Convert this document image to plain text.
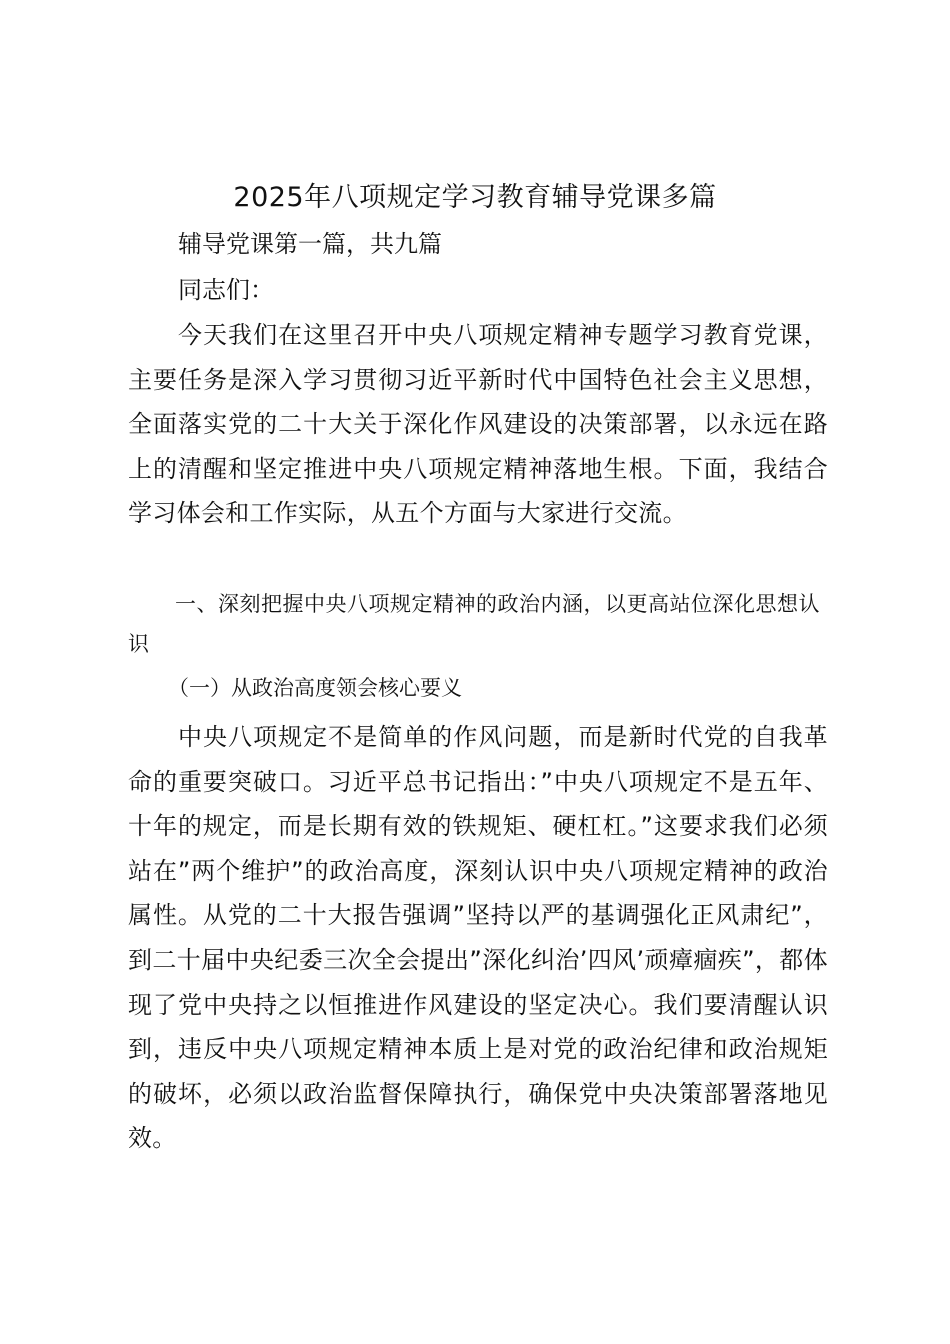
2025年八项规定学习教育辅导党课多篇

辅导党课第一篇，共九篇

同志们：

今天我们在这里召开中央八项规定精神专题学习教育党课，主要任务是深入学习贯彻习近平新时代中国特色社会主义思想，全面落实党的二十大关于深化作风建设的决策部署，以永远在路上的清醒和坚定推进中央八项规定精神落地生根。下面，我结合学习体会和工作实际，从五个方面与大家进行交流。

一、深刻把握中央八项规定精神的政治内涵，以更高站位深化思想认识

（一）从政治高度领会核心要义

中央八项规定不是简单的作风问题，而是新时代党的自我革命的重要突破口。习近平总书记指出：”中央八项规定不是五年、十年的规定，而是长期有效的铁规矩、硬杠杠。”这要求我们必须站在”两个维护”的政治高度，深刻认识中央八项规定精神的政治属性。从党的二十大报告强调”坚持以严的基调强化正风肃纪”，到二十届中央纪委三次全会提出”深化纠治’四风’顽瘴痼疾”，都体现了党中央持之以恒推进作风建设的坚定决心。我们要清醒认识到，违反中央八项规定精神本质上是对党的政治纪律和政治规矩的破坏，必须以政治监督保障执行，确保党中央决策部署落地见效。
